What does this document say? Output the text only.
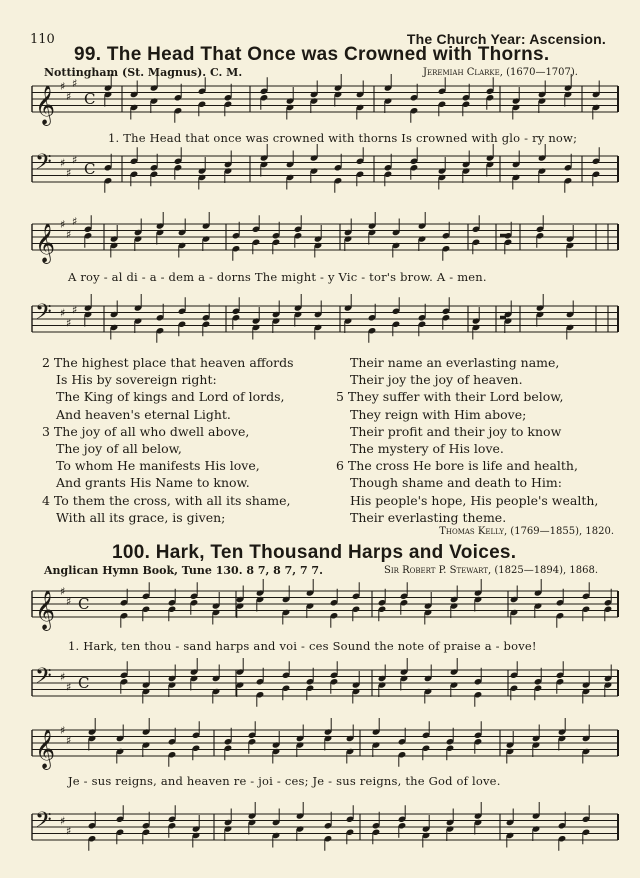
110	The Church Year: Ascension.
99. The Head That Once was Crowned with Thorns.
Nottingham (St. Magnus). C. M.	Jeremiah Clarke, (1670—1707).
𝄞 ♯
♯
♯
C
1. The Head that once was crowned with thorns Is crowned with glo - ry now;
𝄢 ♯
♯
♯
C
𝄞 ♯
♯
♯
A roy - al di - a - dem a - dorns The might - y Vic - tor's brow. A - men.
𝄢 ♯
♯
♯
2 The highest place that heaven affords
Is His by sovereign right:
The King of kings and Lord of lords,
And heaven's eternal Light.
3 The joy of all who dwell above,
The joy of all below,
To whom He manifests His love,
And grants His Name to know.
4 To them the cross, with all its shame,
With all its grace, is given;
Their name an everlasting name,
Their joy the joy of heaven.
5 They suffer with their Lord below,
They reign with Him above;
Their profit and their joy to know
The mystery of His love.
6 The cross He bore is life and health,
Though shame and death to Him:
His people's hope, His people's wealth,
Their everlasting theme.
Thomas Kelly, (1769—1855), 1820.
100. Hark, Ten Thousand Harps and Voices.
Anglican Hymn Book, Tune 130. 8 7, 8 7, 7 7.	Sir Robert P. Stewart, (1825—1894), 1868.
𝄞 ♯
♯ C
1. Hark, ten thou - sand harps and voi - ces Sound the note of praise a - bove!
𝄢 ♯
♯ C
𝄞 ♯
♯
Je - sus reigns, and heaven re - joi - ces; Je - sus reigns, the God of love.
𝄢 ♯
♯
